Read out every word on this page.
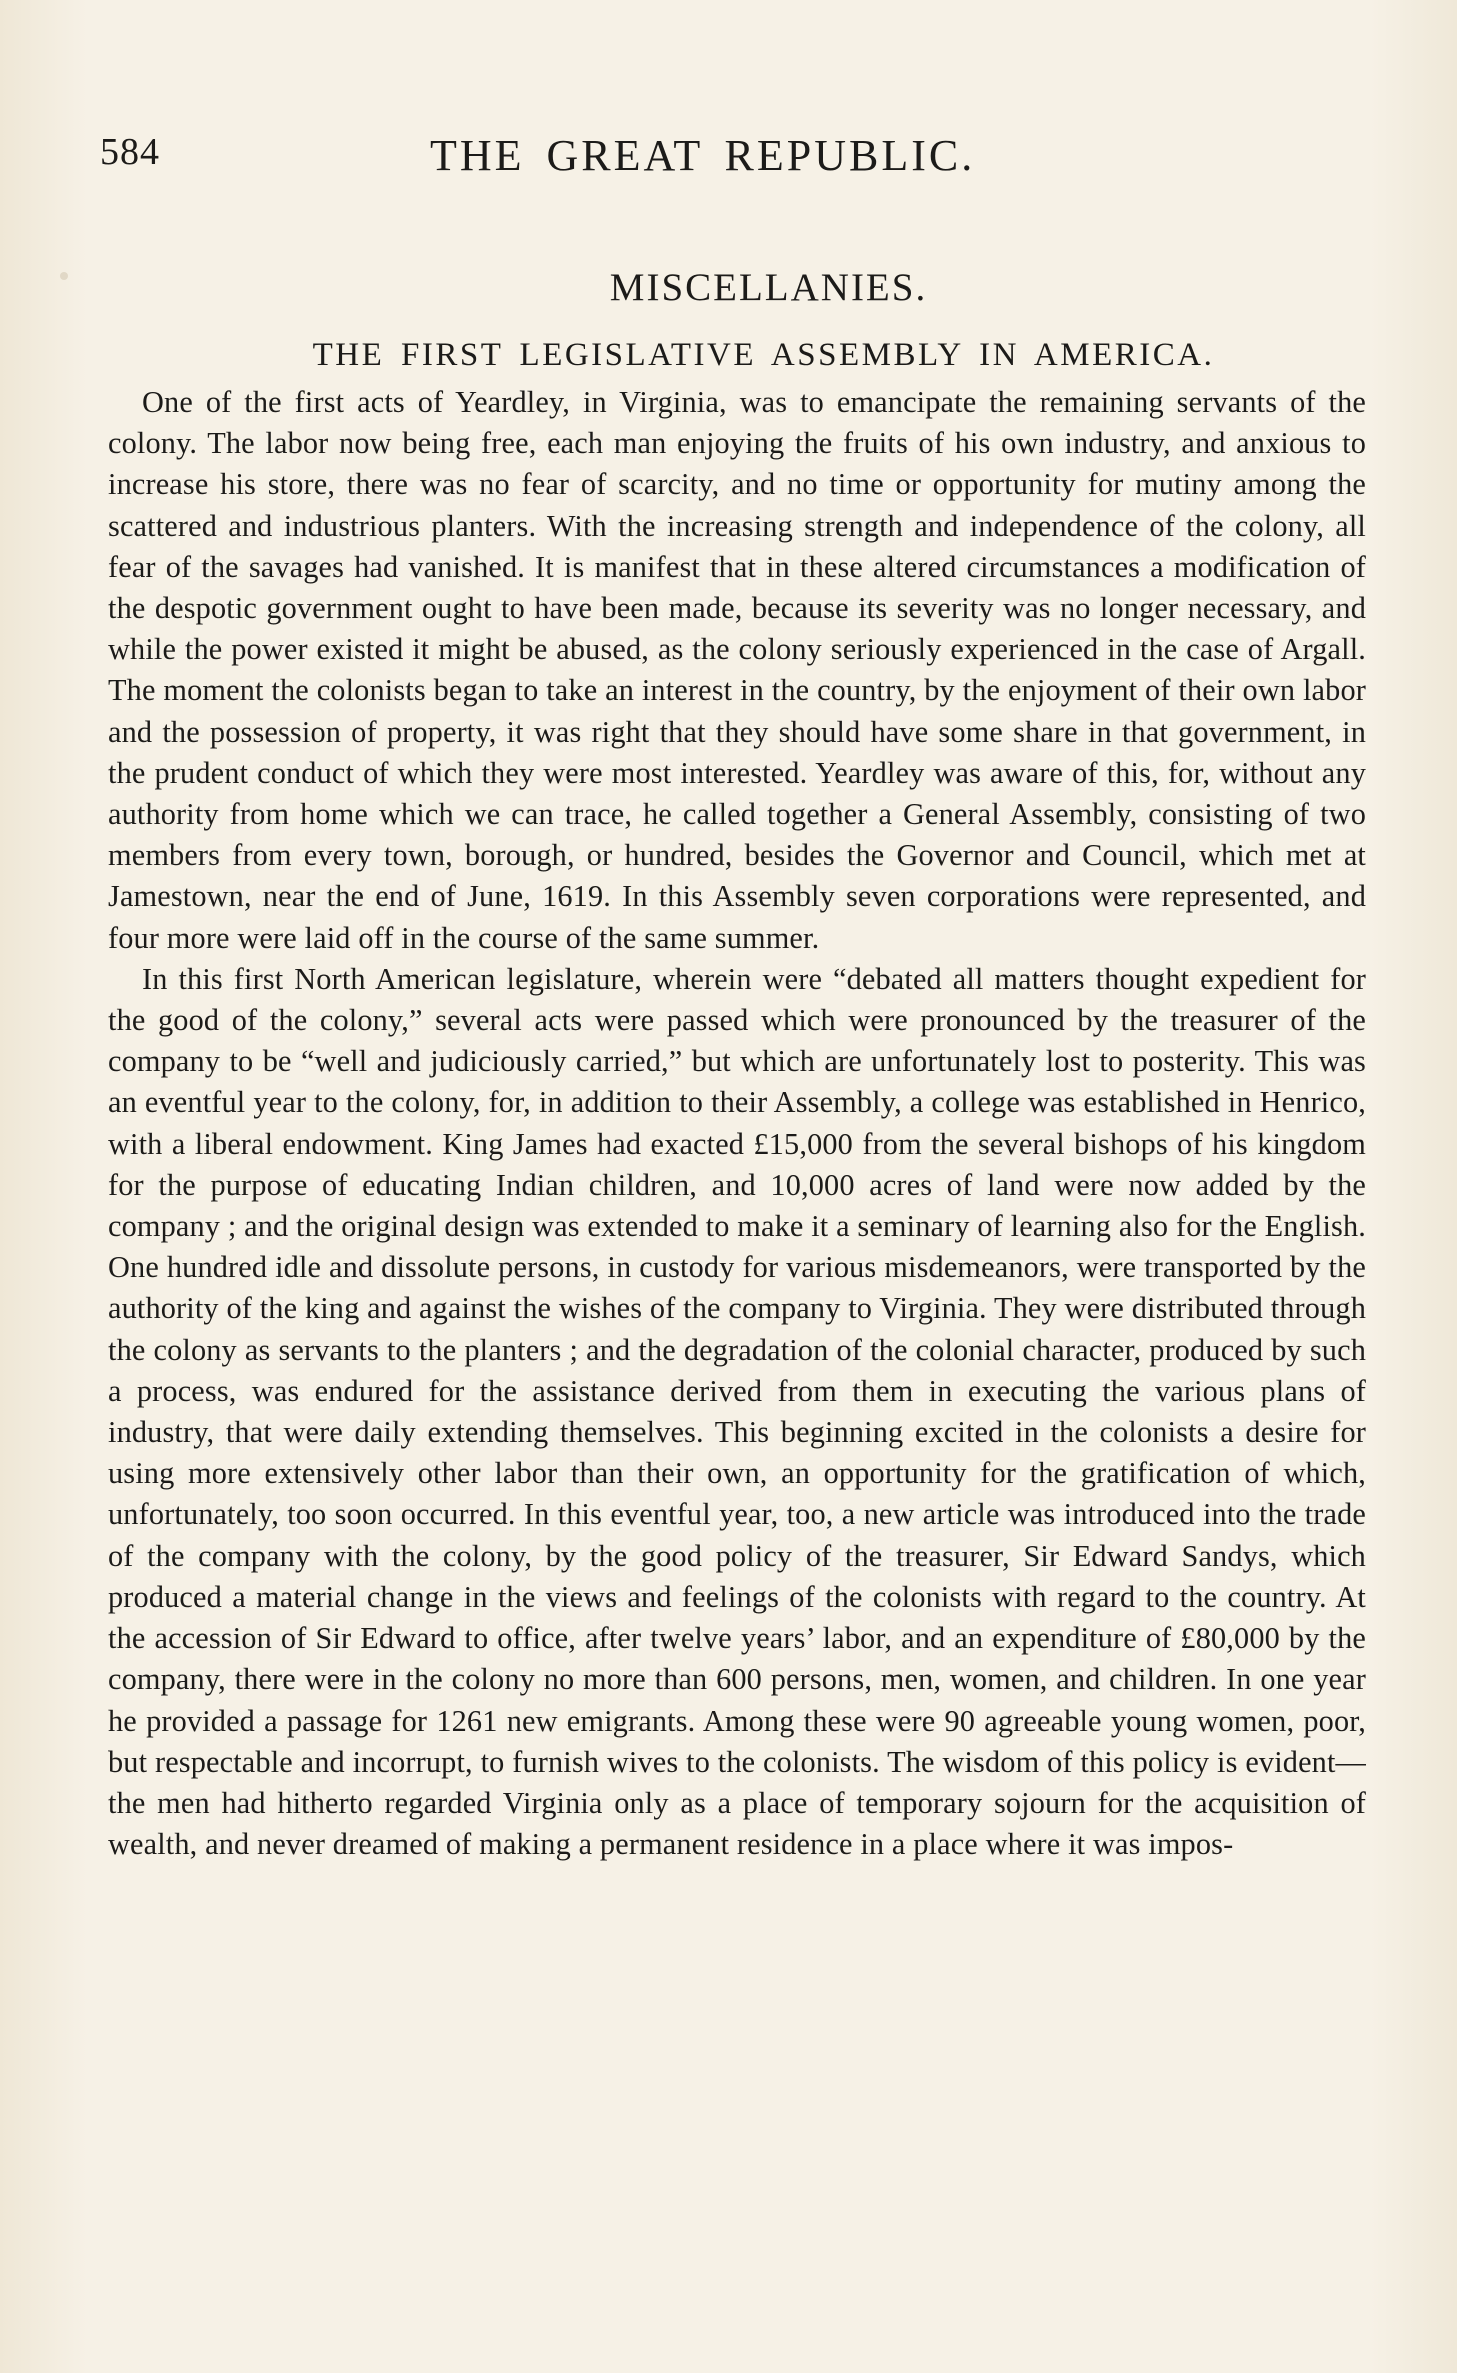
584	THE GREAT REPUBLIC.
MISCELLANIES.
THE FIRST LEGISLATIVE ASSEMBLY IN AMERICA.

One of the first acts of Yeardley, in Virginia, was to emancipate the remaining servants of the colony. The labor now being free, each man enjoying the fruits of his own industry, and anxious to increase his store, there was no fear of scarcity, and no time or opportunity for mutiny among the scattered and industrious planters. With the increasing strength and independence of the colony, all fear of the savages had vanished. It is manifest that in these altered circumstances a modification of the despotic government ought to have been made, because its severity was no longer necessary, and while the power existed it might be abused, as the colony seriously experienced in the case of Argall. The moment the colonists began to take an interest in the country, by the enjoyment of their own labor and the possession of property, it was right that they should have some share in that government, in the prudent conduct of which they were most interested. Yeardley was aware of this, for, without any authority from home which we can trace, he called together a General Assembly, consisting of two members from every town, borough, or hundred, besides the Governor and Council, which met at Jamestown, near the end of June, 1619. In this Assembly seven corporations were represented, and four more were laid off in the course of the same summer.

In this first North American legislature, wherein were “debated all matters thought expedient for the good of the colony,” several acts were passed which were pronounced by the treasurer of the company to be “well and judiciously carried,” but which are unfortunately lost to posterity. This was an eventful year to the colony, for, in addition to their Assembly, a college was established in Henrico, with a liberal endowment. King James had exacted £15,000 from the several bishops of his kingdom for the purpose of educating Indian children, and 10,000 acres of land were now added by the company ; and the original design was extended to make it a seminary of learning also for the English. One hundred idle and dissolute persons, in custody for various misdemeanors, were transported by the authority of the king and against the wishes of the company to Virginia. They were distributed through the colony as servants to the planters ; and the degradation of the colonial character, produced by such a process, was endured for the assistance derived from them in executing the various plans of industry, that were daily extending themselves. This beginning excited in the colonists a desire for using more extensively other labor than their own, an opportunity for the gratification of which, unfortunately, too soon occurred. In this eventful year, too, a new article was introduced into the trade of the company with the colony, by the good policy of the treasurer, Sir Edward Sandys, which produced a material change in the views and feelings of the colonists with regard to the country. At the accession of Sir Edward to office, after twelve years’ labor, and an expenditure of £80,000 by the company, there were in the colony no more than 600 persons, men, women, and children. In one year he provided a passage for 1261 new emigrants. Among these were 90 agreeable young women, poor, but respectable and incorrupt, to furnish wives to the colonists. The wisdom of this policy is evident—the men had hitherto regarded Virginia only as a place of temporary sojourn for the acquisition of wealth, and never dreamed of making a permanent residence in a place where it was impos-
